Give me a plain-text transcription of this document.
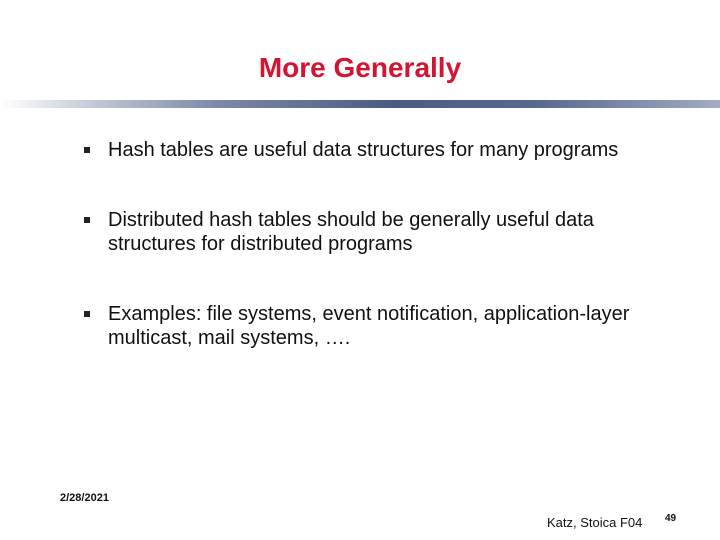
More Generally
Hash tables are useful data structures for many programs
Distributed hash tables should be generally useful data structures for distributed programs
Examples: file systems, event notification, application-layer multicast, mail systems, ….
2/28/2021
Katz, Stoica F04 49
